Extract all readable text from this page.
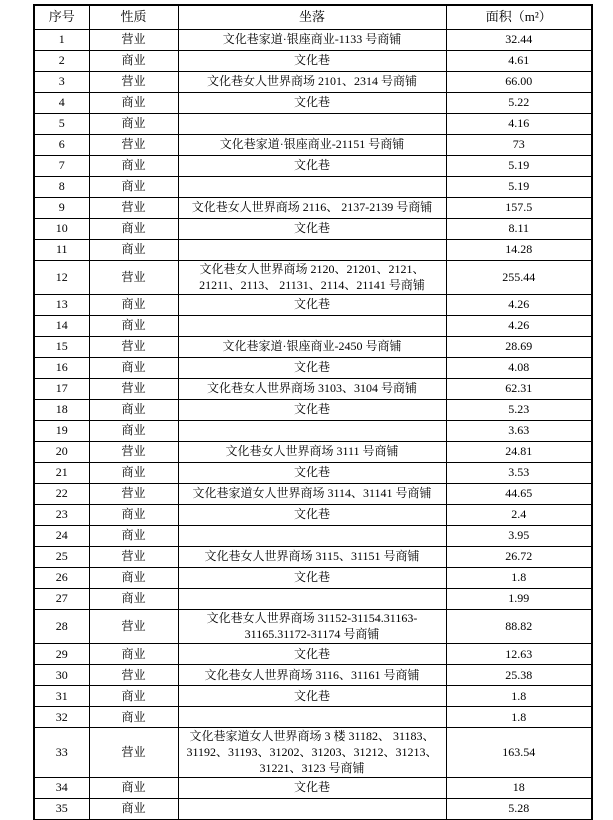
序号	性质	坐落	面积（m²）
1	营业	文化巷家道·银座商业-1133 号商铺	32.44
2	商业	文化巷	4.61
3	营业	文化巷女人世界商场 2101、2314 号商铺	66.00
4	商业	文化巷	5.22
5	商业		4.16
6	营业	文化巷家道·银座商业-21151 号商铺	73
7	商业	文化巷	5.19
8	商业		5.19
9	营业	文化巷女人世界商场 2116、 2137-2139 号商铺	157.5
10	商业	文化巷	8.11
11	商业		14.28
12	营业	文化巷女人世界商场 2120、21201、2121、21211、2113、 21131、2114、21141 号商铺	255.44
13	商业	文化巷	4.26
14	商业		4.26
15	营业	文化巷家道·银座商业-2450 号商铺	28.69
16	商业	文化巷	4.08
17	营业	文化巷女人世界商场 3103、3104 号商铺	62.31
18	商业	文化巷	5.23
19	商业		3.63
20	营业	文化巷女人世界商场 3111 号商铺	24.81
21	商业	文化巷	3.53
22	营业	文化巷家道女人世界商场 3114、31141 号商铺	44.65
23	商业	文化巷	2.4
24	商业		3.95
25	营业	文化巷女人世界商场 3115、31151 号商铺	26.72
26	商业	文化巷	1.8
27	商业		1.99
28	营业	文化巷女人世界商场 31152-31154.31163-31165.31172-31174 号商铺	88.82
29	商业	文化巷	12.63
30	营业	文化巷女人世界商场 3116、31161 号商铺	25.38
31	商业	文化巷	1.8
32	商业		1.8
33	营业	文化巷家道女人世界商场 3 楼 31182、 31183、31192、31193、31202、31203、31212、31213、31221、3123 号商铺	163.54
34	商业	文化巷	18
35	商业		5.28
